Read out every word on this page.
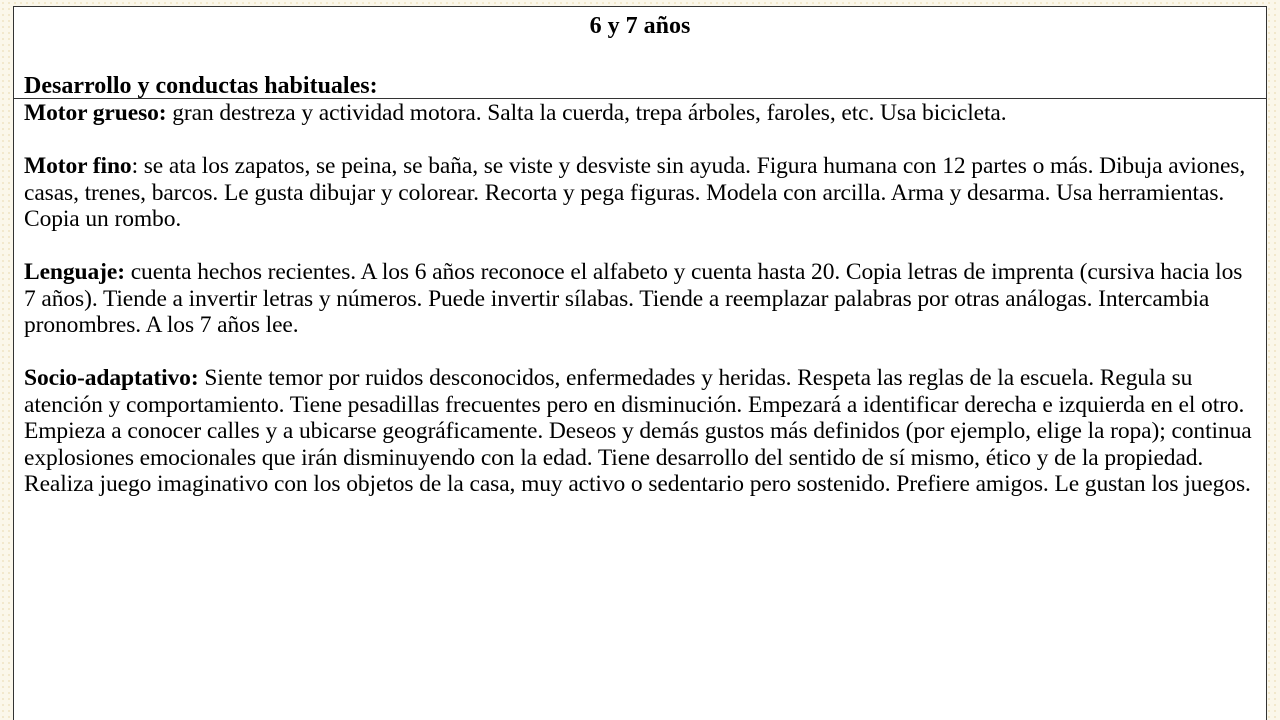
6 y 7 años
Desarrollo y conductas habituales:

Motor grueso: gran destreza y actividad motora. Salta la cuerda, trepa árboles, faroles, etc. Usa bicicleta.

Motor fino: se ata los zapatos, se peina, se baña, se viste y desviste sin ayuda. Figura humana con 12 partes o más. Dibuja aviones, casas, trenes, barcos. Le gusta dibujar y colorear. Recorta y pega figuras. Modela con arcilla. Arma y desarma. Usa herramientas. Copia un rombo.

Lenguaje: cuenta hechos recientes. A los 6 años reconoce el alfabeto y cuenta hasta 20. Copia letras de imprenta (cursiva hacia los 7 años). Tiende a invertir letras y números. Puede invertir sílabas. Tiende a reemplazar palabras por otras análogas. Intercambia pronombres. A los 7 años lee.

Socio-adaptativo: Siente temor por ruidos desconocidos, enfermedades y heridas. Respeta las reglas de la escuela. Regula su atención y comportamiento. Tiene pesadillas frecuentes pero en disminución. Empezará a identificar derecha e izquierda en el otro. Empieza a conocer calles y a ubicarse geográficamente. Deseos y demás gustos más definidos (por ejemplo, elige la ropa); continua explosiones emocionales que irán disminuyendo con la edad. Tiene desarrollo del sentido de sí mismo, ético y de la propiedad. Realiza juego imaginativo con los objetos de la casa, muy activo o sedentario pero sostenido. Prefiere amigos. Le gustan los juegos.
